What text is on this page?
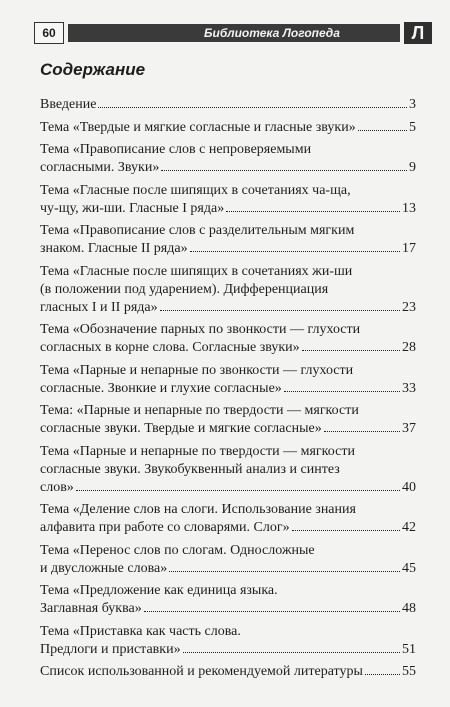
60	Библиотека Логопеда	Л
Содержание
Введение	3
Тема «Твердые и мягкие согласные и гласные звуки»	5
Тема «Правописание слов с непроверяемыми
согласными. Звуки»	9
Тема «Гласные после шипящих в сочетаниях ча-ща,
чу-щу, жи-ши. Гласные I ряда»	13
Тема «Правописание слов с разделительным мягким
знаком. Гласные II ряда»	17
Тема «Гласные после шипящих в сочетаниях жи-ши
(в положении под ударением). Дифференциация
гласных I и II ряда»	23
Тема «Обозначение парных по звонкости — глухости
согласных в корне слова. Согласные звуки»	28
Тема «Парные и непарные по звонкости — глухости
согласные. Звонкие и глухие согласные»	33
Тема: «Парные и непарные по твердости — мягкости
согласные звуки. Твердые и мягкие согласные»	37
Тема «Парные и непарные по твердости — мягкости
согласные звуки. Звукобуквенный анализ и синтез
слов»	40
Тема «Деление слов на слоги. Использование знания
алфавита при работе со словарями. Слог»	42
Тема «Перенос слов по слогам. Односложные
и двусложные слова»	45
Тема «Предложение как единица языка.
Заглавная буква»	48
Тема «Приставка как часть слова.
Предлоги и приставки»	51
Список использованной и рекомендуемой литературы	55
